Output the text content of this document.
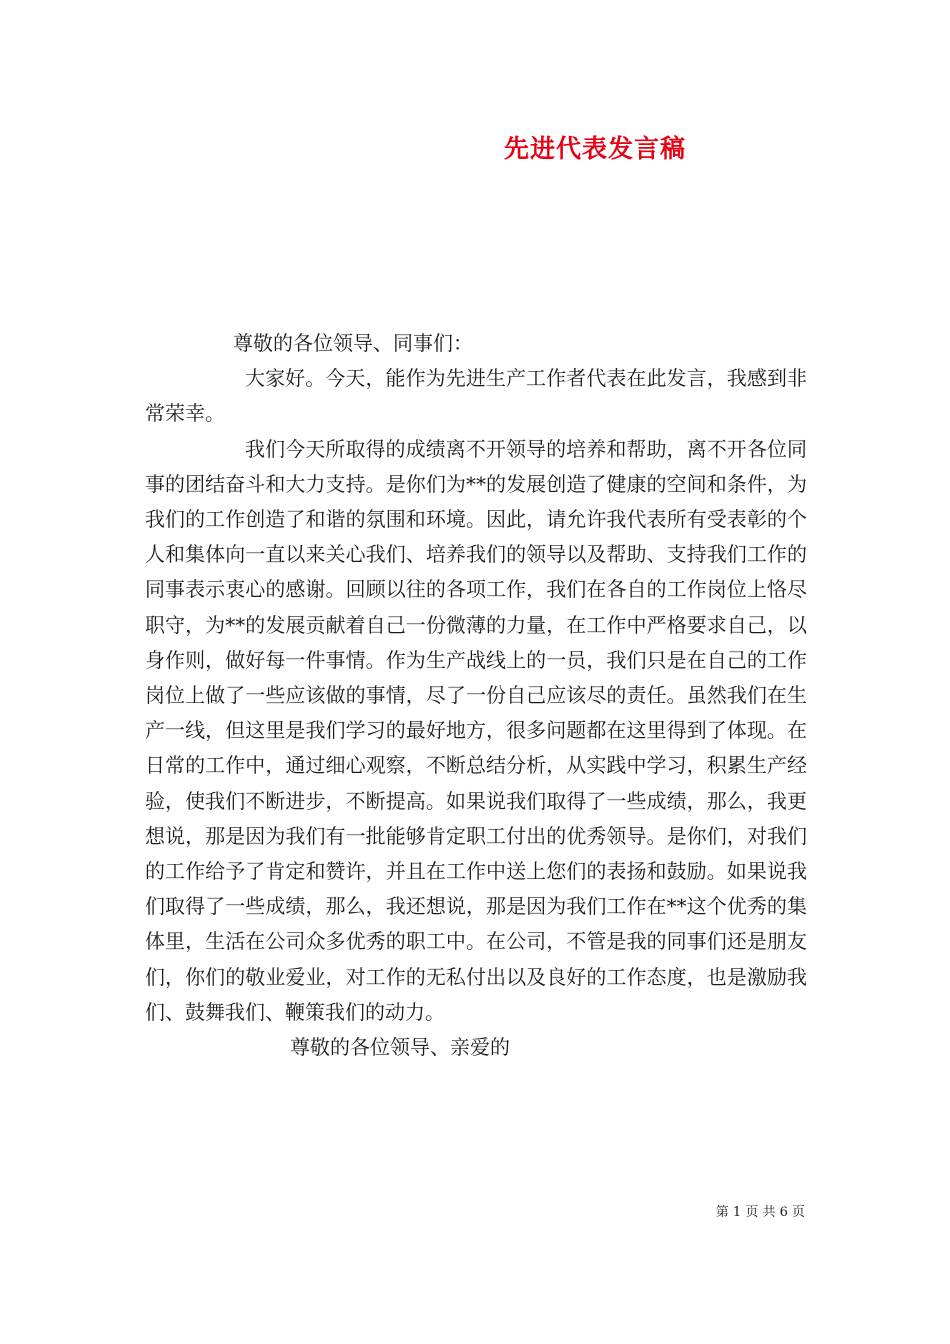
先进代表发言稿

尊敬的各位领导、同事们：

大家好。今天，能作为先进生产工作者代表在此发言，我感到非常荣幸。

我们今天所取得的成绩离不开领导的培养和帮助，离不开各位同事的团结奋斗和大力支持。是你们为**的发展创造了健康的空间和条件，为我们的工作创造了和谐的氛围和环境。因此，请允许我代表所有受表彰的个人和集体向一直以来关心我们、培养我们的领导以及帮助、支持我们工作的同事表示衷心的感谢。回顾以往的各项工作，我们在各自的工作岗位上恪尽职守，为**的发展贡献着自己一份微薄的力量，在工作中严格要求自己，以身作则，做好每一件事情。作为生产战线上的一员，我们只是在自己的工作岗位上做了一些应该做的事情，尽了一份自己应该尽的责任。虽然我们在生产一线，但这里是我们学习的最好地方，很多问题都在这里得到了体现。在日常的工作中，通过细心观察，不断总结分析，从实践中学习，积累生产经验，使我们不断进步，不断提高。如果说我们取得了一些成绩，那么，我更想说，那是因为我们有一批能够肯定职工付出的优秀领导。是你们，对我们的工作给予了肯定和赞许，并且在工作中送上您们的表扬和鼓励。如果说我们取得了一些成绩，那么，我还想说，那是因为我们工作在**这个优秀的集体里，生活在公司众多优秀的职工中。在公司，不管是我的同事们还是朋友们，你们的敬业爱业，对工作的无私付出以及良好的工作态度，也是激励我们、鼓舞我们、鞭策我们的动力。

尊敬的各位领导、亲爱的

第 1 页 共 6 页
